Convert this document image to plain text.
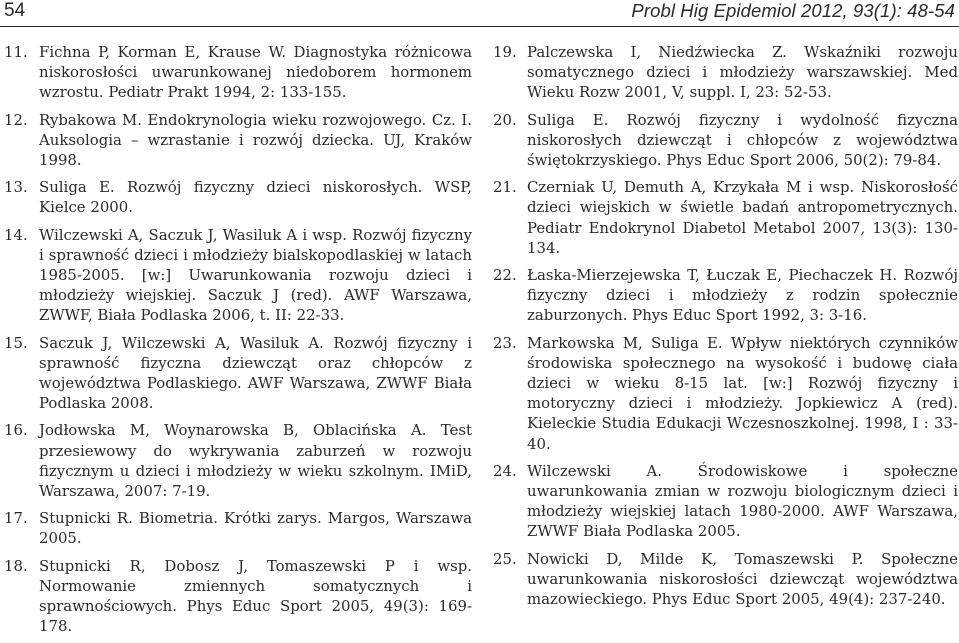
54	Probl Hig Epidemiol 2012, 93(1): 48-54
11. Fichna P, Korman E, Krause W. Diagnostyka różnicowa niskorosłości uwarunkowanej niedoborem hormonem wzrostu. Pediatr Prakt 1994, 2: 133-155.
12. Rybakowa M. Endokrynologia wieku rozwojowego. Cz. I. Auksologia – wzrastanie i rozwój dziecka. UJ, Kraków 1998.
13. Suliga E. Rozwój fizyczny dzieci niskorosłych. WSP, Kielce 2000.
14. Wilczewski A, Saczuk J, Wasiluk A i wsp. Rozwój fizyczny i sprawność dzieci i młodzieży bialskopodlaskiej w latach 1985-2005. [w:] Uwarunkowania rozwoju dzieci i młodzieży wiejskiej. Saczuk J (red). AWF Warszawa, ZWWF, Biała Podlaska 2006, t. II: 22-33.
15. Saczuk J, Wilczewski A, Wasiluk A. Rozwój fizyczny i sprawność fizyczna dziewcząt oraz chłopców z województwa Podlaskiego. AWF Warszawa, ZWWF Biała Podlaska 2008.
16. Jodłowska M, Woynarowska B, Oblacińska A. Test przesiewowy do wykrywania zaburzeń w rozwoju fizycznym u dzieci i młodzieży w wieku szkolnym. IMiD, Warszawa, 2007: 7-19.
17. Stupnicki R. Biometria. Krótki zarys. Margos, Warszawa 2005.
18. Stupnicki R, Dobosz J, Tomaszewski P i wsp. Normowanie zmiennych somatycznych i sprawnościowych. Phys Educ Sport 2005, 49(3): 169-178.
19. Palczewska I, Niedźwiecka Z. Wskaźniki rozwoju somatycznego dzieci i młodzieży warszawskiej. Med Wieku Rozw 2001, V, suppl. I, 23: 52-53.
20. Suliga E. Rozwój fizyczny i wydolność fizyczna niskorosłych dziewcząt i chłopców z województwa świętokrzyskiego. Phys Educ Sport 2006, 50(2): 79-84.
21. Czerniak U, Demuth A, Krzykała M i wsp. Niskorosłość dzieci wiejskich w świetle badań antropometrycznych. Pediatr Endokrynol Diabetol Metabol 2007, 13(3): 130-134.
22. Łaska-Mierzejewska T, Łuczak E, Piechaczek H. Rozwój fizyczny dzieci i młodzieży z rodzin społecznie zaburzonych. Phys Educ Sport 1992, 3: 3-16.
23. Markowska M, Suliga E. Wpływ niektórych czynników środowiska społecznego na wysokość i budowę ciała dzieci w wieku 8-15 lat. [w:] Rozwój fizyczny i motoryczny dzieci i młodzieży. Jopkiewicz A (red). Kieleckie Studia Edukacji Wczesnoszkolnej. 1998, I : 33-40.
24. Wilczewski A. Środowiskowe i społeczne uwarunkowania zmian w rozwoju biologicznym dzieci i młodzieży wiejskiej latach 1980-2000. AWF Warszawa, ZWWF Biała Podlaska 2005.
25. Nowicki D, Milde K, Tomaszewski P. Społeczne uwarunkowania niskorosłości dziewcząt województwa mazowieckiego. Phys Educ Sport 2005, 49(4): 237-240.
